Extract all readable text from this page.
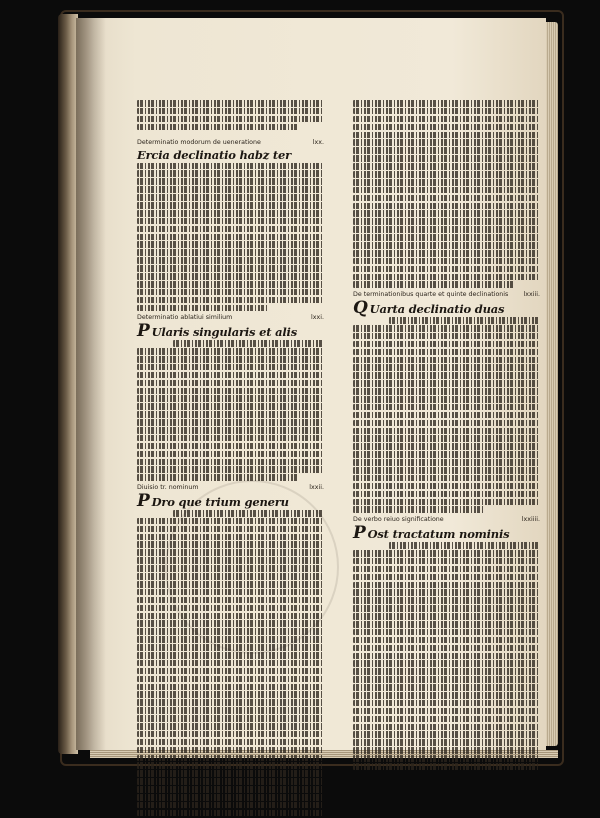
Determinatio modorum de ueneratione	lxx.
Ercia declinatio habz ter
Determinatio ablatiui similium	lxxi.
P Ularis singularis et alis
Diuisio tr. nominum	lxxii.
P Dro que trium generu
De terminationibus quarte et quinte declinationis lxxiii.
Q Uarta declinatio duas
De verbo reiuo significatione	lxxiiii.
P Ost tractatum nominis
